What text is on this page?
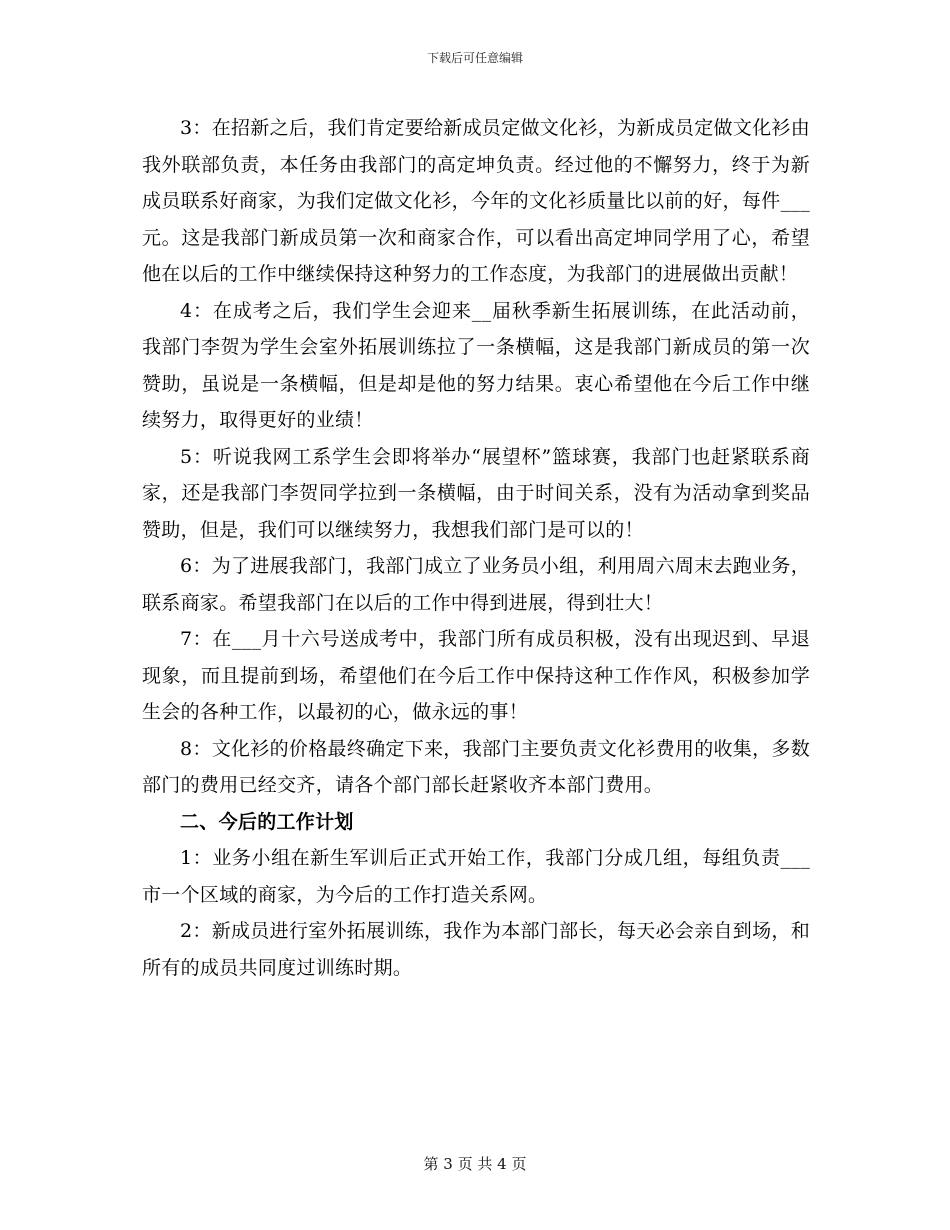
下载后可任意编辑

3：在招新之后，我们肯定要给新成员定做文化衫，为新成员定做文化衫由我外联部负责，本任务由我部门的高定坤负责。经过他的不懈努力，终于为新成员联系好商家，为我们定做文化衫，今年的文化衫质量比以前的好，每件___元。这是我部门新成员第一次和商家合作，可以看出高定坤同学用了心，希望他在以后的工作中继续保持这种努力的工作态度，为我部门的进展做出贡献！

4：在成考之后，我们学生会迎来__届秋季新生拓展训练，在此活动前，我部门李贺为学生会室外拓展训练拉了一条横幅，这是我部门新成员的第一次赞助，虽说是一条横幅，但是却是他的努力结果。衷心希望他在今后工作中继续努力，取得更好的业绩！

5：听说我网工系学生会即将举办“展望杯”篮球赛，我部门也赶紧联系商家，还是我部门李贺同学拉到一条横幅，由于时间关系，没有为活动拿到奖品赞助，但是，我们可以继续努力，我想我们部门是可以的！

6：为了进展我部门，我部门成立了业务员小组，利用周六周末去跑业务，联系商家。希望我部门在以后的工作中得到进展，得到壮大！

7：在___月十六号送成考中，我部门所有成员积极，没有出现迟到、早退现象，而且提前到场，希望他们在今后工作中保持这种工作作风，积极参加学生会的各种工作，以最初的心，做永远的事！

8：文化衫的价格最终确定下来，我部门主要负责文化衫费用的收集，多数部门的费用已经交齐，请各个部门部长赶紧收齐本部门费用。

二、今后的工作计划

1：业务小组在新生军训后正式开始工作，我部门分成几组，每组负责___市一个区域的商家，为今后的工作打造关系网。

2：新成员进行室外拓展训练，我作为本部门部长，每天必会亲自到场，和所有的成员共同度过训练时期。

第 3 页 共 4 页
